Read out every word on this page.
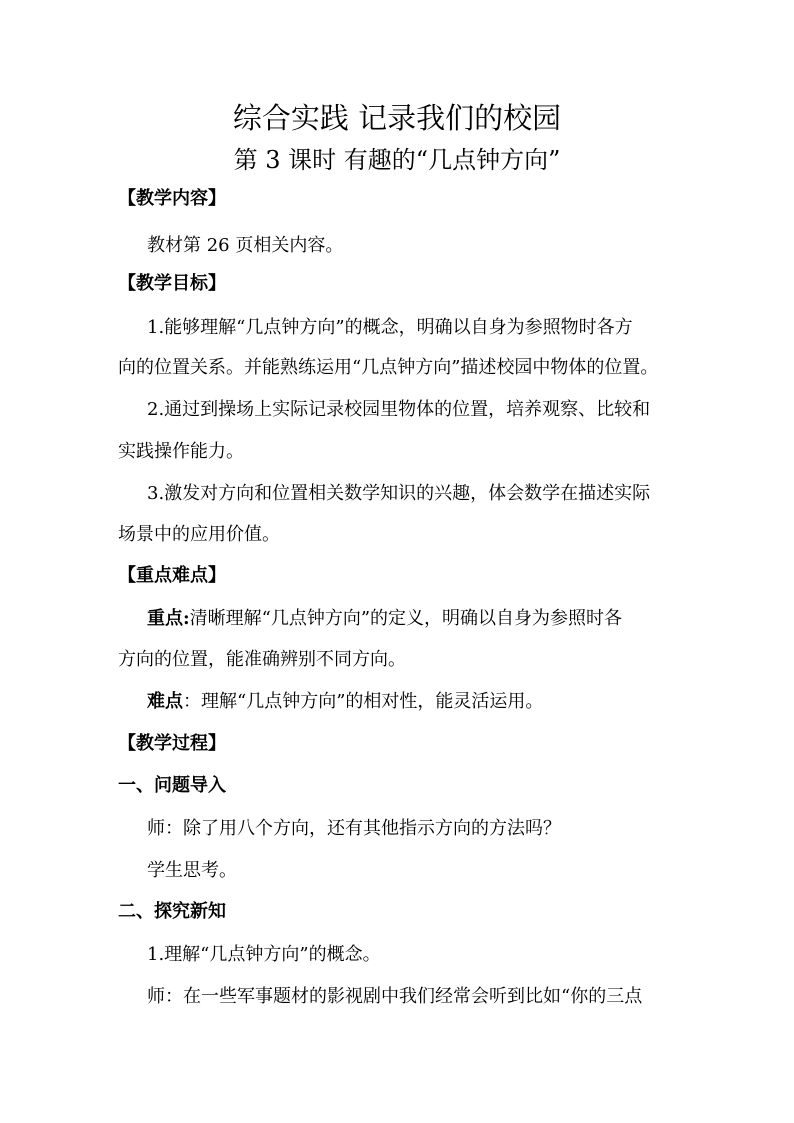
综合实践 记录我们的校园
第 3 课时 有趣的“几点钟方向”
【教学内容】
教材第 26 页相关内容。
【教学目标】
1.能够理解“几点钟方向”的概念，明确以自身为参照物时各方
向的位置关系。并能熟练运用“几点钟方向”描述校园中物体的位置。
2.通过到操场上实际记录校园里物体的位置，培养观察、比较和
实践操作能力。
3.激发对方向和位置相关数学知识的兴趣，体会数学在描述实际
场景中的应用价值。
【重点难点】
重点:清晰理解“几点钟方向”的定义，明确以自身为参照时各
方向的位置，能准确辨别不同方向。
难点：理解“几点钟方向”的相对性，能灵活运用。
【教学过程】
一、问题导入
师：除了用八个方向，还有其他指示方向的方法吗？
学生思考。
二、探究新知
1.理解“几点钟方向”的概念。
师：在一些军事题材的影视剧中我们经常会听到比如“你的三点
